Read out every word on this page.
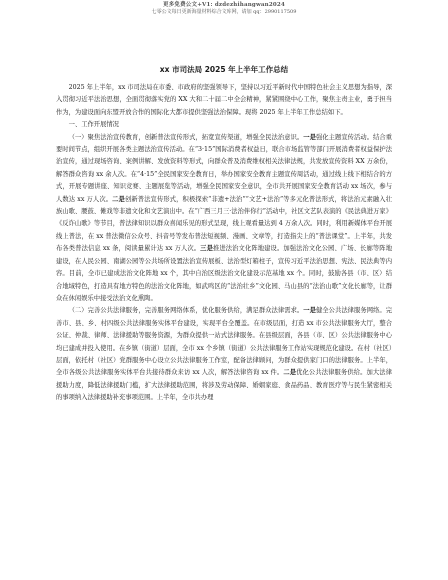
更多免费公文+V1: dzdezhihangwan2024
七零公文每日更新海量材料综合文库网，请加 qq：2990117509
xx 市司法局 2025 年上半年工作总结

2025 年上半年，xx 市司法局在市委、市政府的坚强领导下，坚持以习近平新时代中国特色社会主义思想为指导，深入贯彻习近平法治思想，全面贯彻落实党的 XX 大和二十届二中全会精神，紧紧围绕中心工作，聚焦主责主业，勇于担当作为，为建设面向东盟开放合作的国际化大都市提供坚强法治保障。现将 2025 年上半年工作总结如下。

一、工作开展情况

（一）聚焦法治宣传教育，创新普法宣传形式，拓宽宣传渠道，增强全民法治意识。一是强化主题宣传活动。结合重要时间节点，组织开展各类主题法治宣传活动。在“3·15”国际消费者权益日，联合市场监管等部门开展消费者权益保护法治宣传，通过现场咨询、案例讲解、发放资料等形式，向群众普及消费维权相关法律法规，共发放宣传资料 XX 万余份，解答群众咨询 xx 余人次。在“4·15”全民国家安全教育日，举办国家安全教育主题宣传周活动，通过线上线下相结合的方式，开展专题讲座、知识竞赛、主题展览等活动，增强全民国家安全意识，全市共开展国家安全教育活动 xx 场次，参与人数达 xx 万人次。二是创新普法宣传形式，积极探索“非遗+法治”“文艺+法治”等多元化普法形式，将法治元素融入壮族山歌、腰鼓、傩戏等非遗文化和文艺演出中。在“广西三月三·法治伴你行”活动中，社区文艺队表演的《民法典进万家》《反诈山歌》等节目，普法律知识以群众喜闻乐见的形式呈现，线上观看量达到 4 万余人次。同时，利用新媒体平台开展线上普法，在 xx 普法微信公众号、抖音号等发布普法短视频、漫画、文章等，打造指尖上的“普法课堂”。上半年，共发布各类普法信息 xx 条，阅读量累计达 xx 万人次。三是推进法治文化阵地建设。加强法治文化公园、广场、长廊等阵地建设，在人民公园、南湖公园等公共场所设置法治宣传展板、法治型灯箱柱子，宣传习近平法治思想、宪法、民法典等内容。目前，全市已建成法治文化阵地 xx 个，其中自治区级法治文化建设示范基地 xx 个。同时，鼓励各县（市、区）结合地域特色，打造具有地方特色的法治文化阵地，如武鸣区的“法治壮乡”文化园、马山县的“法治山歌”文化长廊等，让群众在休闲娱乐中接受法治文化熏陶。

（二）完善公共法律服务，完善服务网络体系，优化服务供给，满足群众法律需求。一是健全公共法律服务网络。完善市、县、乡、村四级公共法律服务实体平台建设，实现平台全覆盖。在市级层面，打造 xx 市公共法律服务大厅，整合公证、仲裁、律师、法律援助等服务资源，为群众提供一站式法律服务。在县级层面，各县（市、区）公共法律服务中心均已建成并投入使用。在乡镇（街道）层面，全市 xx 个乡镇（街道）公共法律服务工作站实现规范化建设。在村（社区）层面，依托村（社区）党群服务中心设立公共法律服务工作室，配备法律顾问，为群众提供家门口的法律服务。上半年，全市各级公共法律服务实体平台共接待群众来访 xx 人次，解答法律咨询 xx 件。二是优化公共法律服务供给。加大法律援助力度，降低法律援助门槛，扩大法律援助范围，将涉及劳动保障、婚姻家庭、食品药品、教育医疗等与民生紧密相关的事项纳入法律援助补充事项范围。上半年，全市共办理
